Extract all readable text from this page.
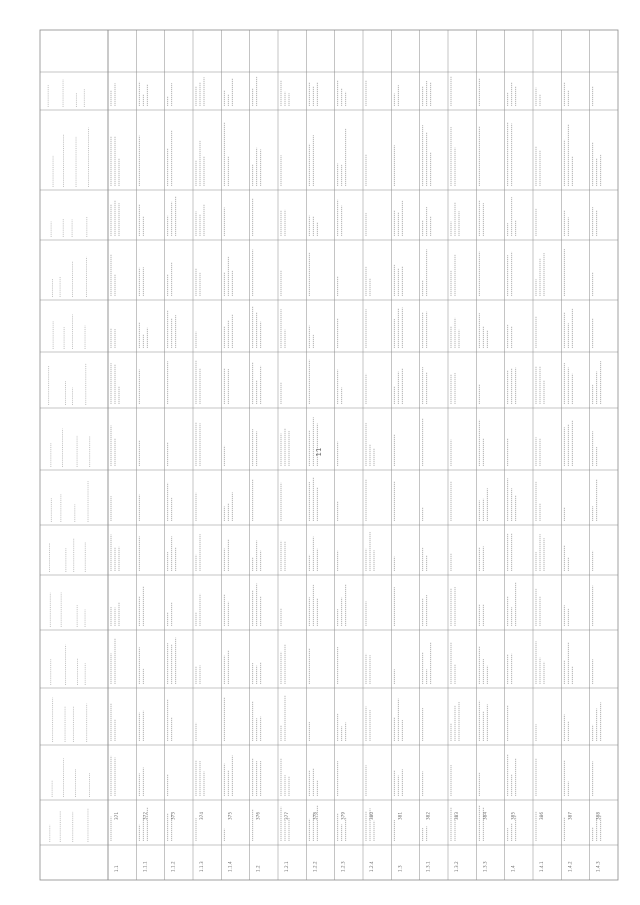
1.1
371
1.1.1
372
1.1.2
373
1.1.3
374
1.1.4
375
1.2
376
1.2.1
377
1.2.2
378
1.2.3
379
1.2.4
380
1.3
381
1.3.1
382
1.3.2
383
1.3.3
384
1.4
385
1.4.1
386
1.4.2
387
1.4.3
388
11
